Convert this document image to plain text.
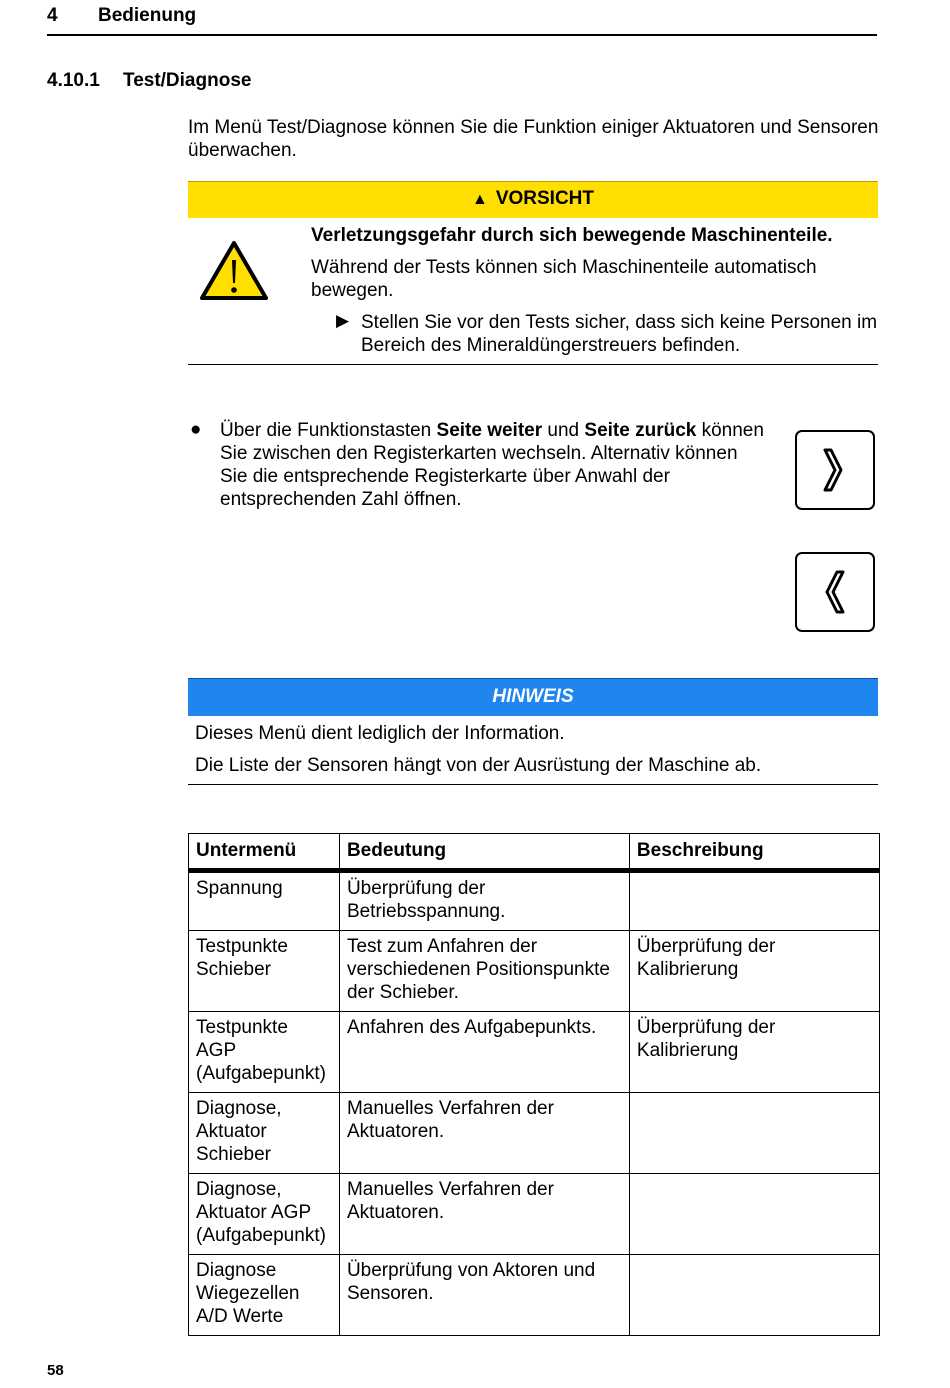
4 Bedienung
4.10.1 Test/Diagnose
Im Menü Test/Diagnose können Sie die Funktion einiger Aktuatoren und Sensoren überwachen.
▲ VORSICHT
Verletzungsgefahr durch sich bewegende Maschinenteile.
Während der Tests können sich Maschinenteile automatisch bewegen.
▶ Stellen Sie vor den Tests sicher, dass sich keine Personen im Bereich des Mineraldüngerstreuers befinden.
● Über die Funktionstasten Seite weiter und Seite zurück können Sie zwischen den Registerkarten wechseln. Alternativ können Sie die entsprechende Registerkarte über Anwahl der entsprechenden Zahl öffnen.
HINWEIS
Dieses Menü dient lediglich der Information.
Die Liste der Sensoren hängt von der Ausrüstung der Maschine ab.
Untermenü	Bedeutung	Beschreibung
Spannung	Überprüfung der Betriebsspannung.	
Testpunkte Schieber	Test zum Anfahren der verschiedenen Positionspunkte der Schieber.	Überprüfung der Kalibrierung
Testpunkte AGP (Aufgabepunkt)	Anfahren des Aufgabepunkts.	Überprüfung der Kalibrierung
Diagnose, Aktuator Schieber	Manuelles Verfahren der Aktuatoren.	
Diagnose, Aktuator AGP (Aufgabepunkt)	Manuelles Verfahren der Aktuatoren.	
Diagnose Wiegezellen A/D Werte	Überprüfung von Aktoren und Sensoren.	
58
